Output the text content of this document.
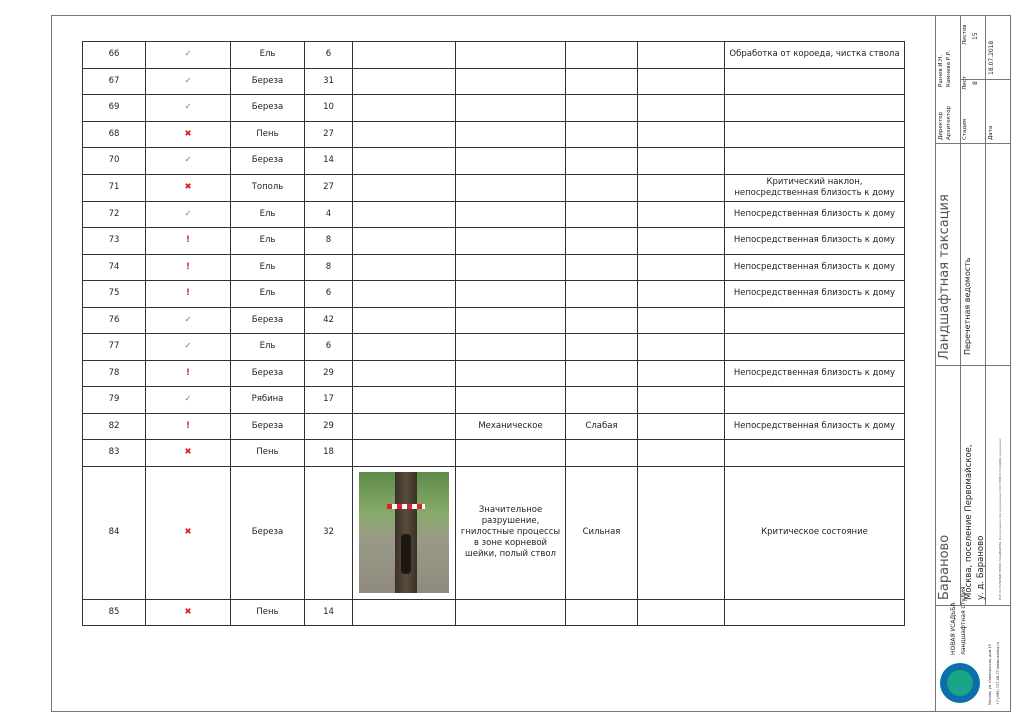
66	✓	Ель	6					Обработка от короеда, чистка ствола
67	✓	Береза	31					
69	✓	Береза	10					
68	✖	Пень	27					
70	✓	Береза	14					
71	✖	Тополь	27					Критический наклон, непосредственная близость к дому
72	✓	Ель	4					Непосредственная близость к дому
73	!	Ель	8					Непосредственная близость к дому
74	!	Ель	8					Непосредственная близость к дому
75	!	Ель	6					Непосредственная близость к дому
76	✓	Береза	42					
77	✓	Ель	6					
78	!	Береза	29					Непосредственная близость к дому
79	✓	Рябина	17					
82	!	Береза	29		Механическое	Слабая		Непосредственная близость к дому
83	✖	Пень	18					
84	✖	Береза	32		Значительное разрушение, гнилостные процессы в зоне корневой шейки, полый ствол	Сильная		Критическое состояние
85	✖	Пень	14					
Ландшафтная таксация
Бараново
Перечетная ведомость
Москва, поселение Первомайское, у. д. Бараново	ВСЕ ОСТАЛЬНЫЕ ПРАВА ЗАЩИЩЕНЫ. Копирование без разрешения ООО НОВАЯ УСАДЬБА запрещено
Директор
Ршнев И.Н.
Архитектор
Камнева Р.Р.
Стадия
Лист
Листов
8
15
Дата
18.07.2018
НОВАЯ УСАДЬБА ландшафтная студия
Москва, ул. Новаторская, дом 15 +7 (495) 727-08-77 www.usadba.ru
